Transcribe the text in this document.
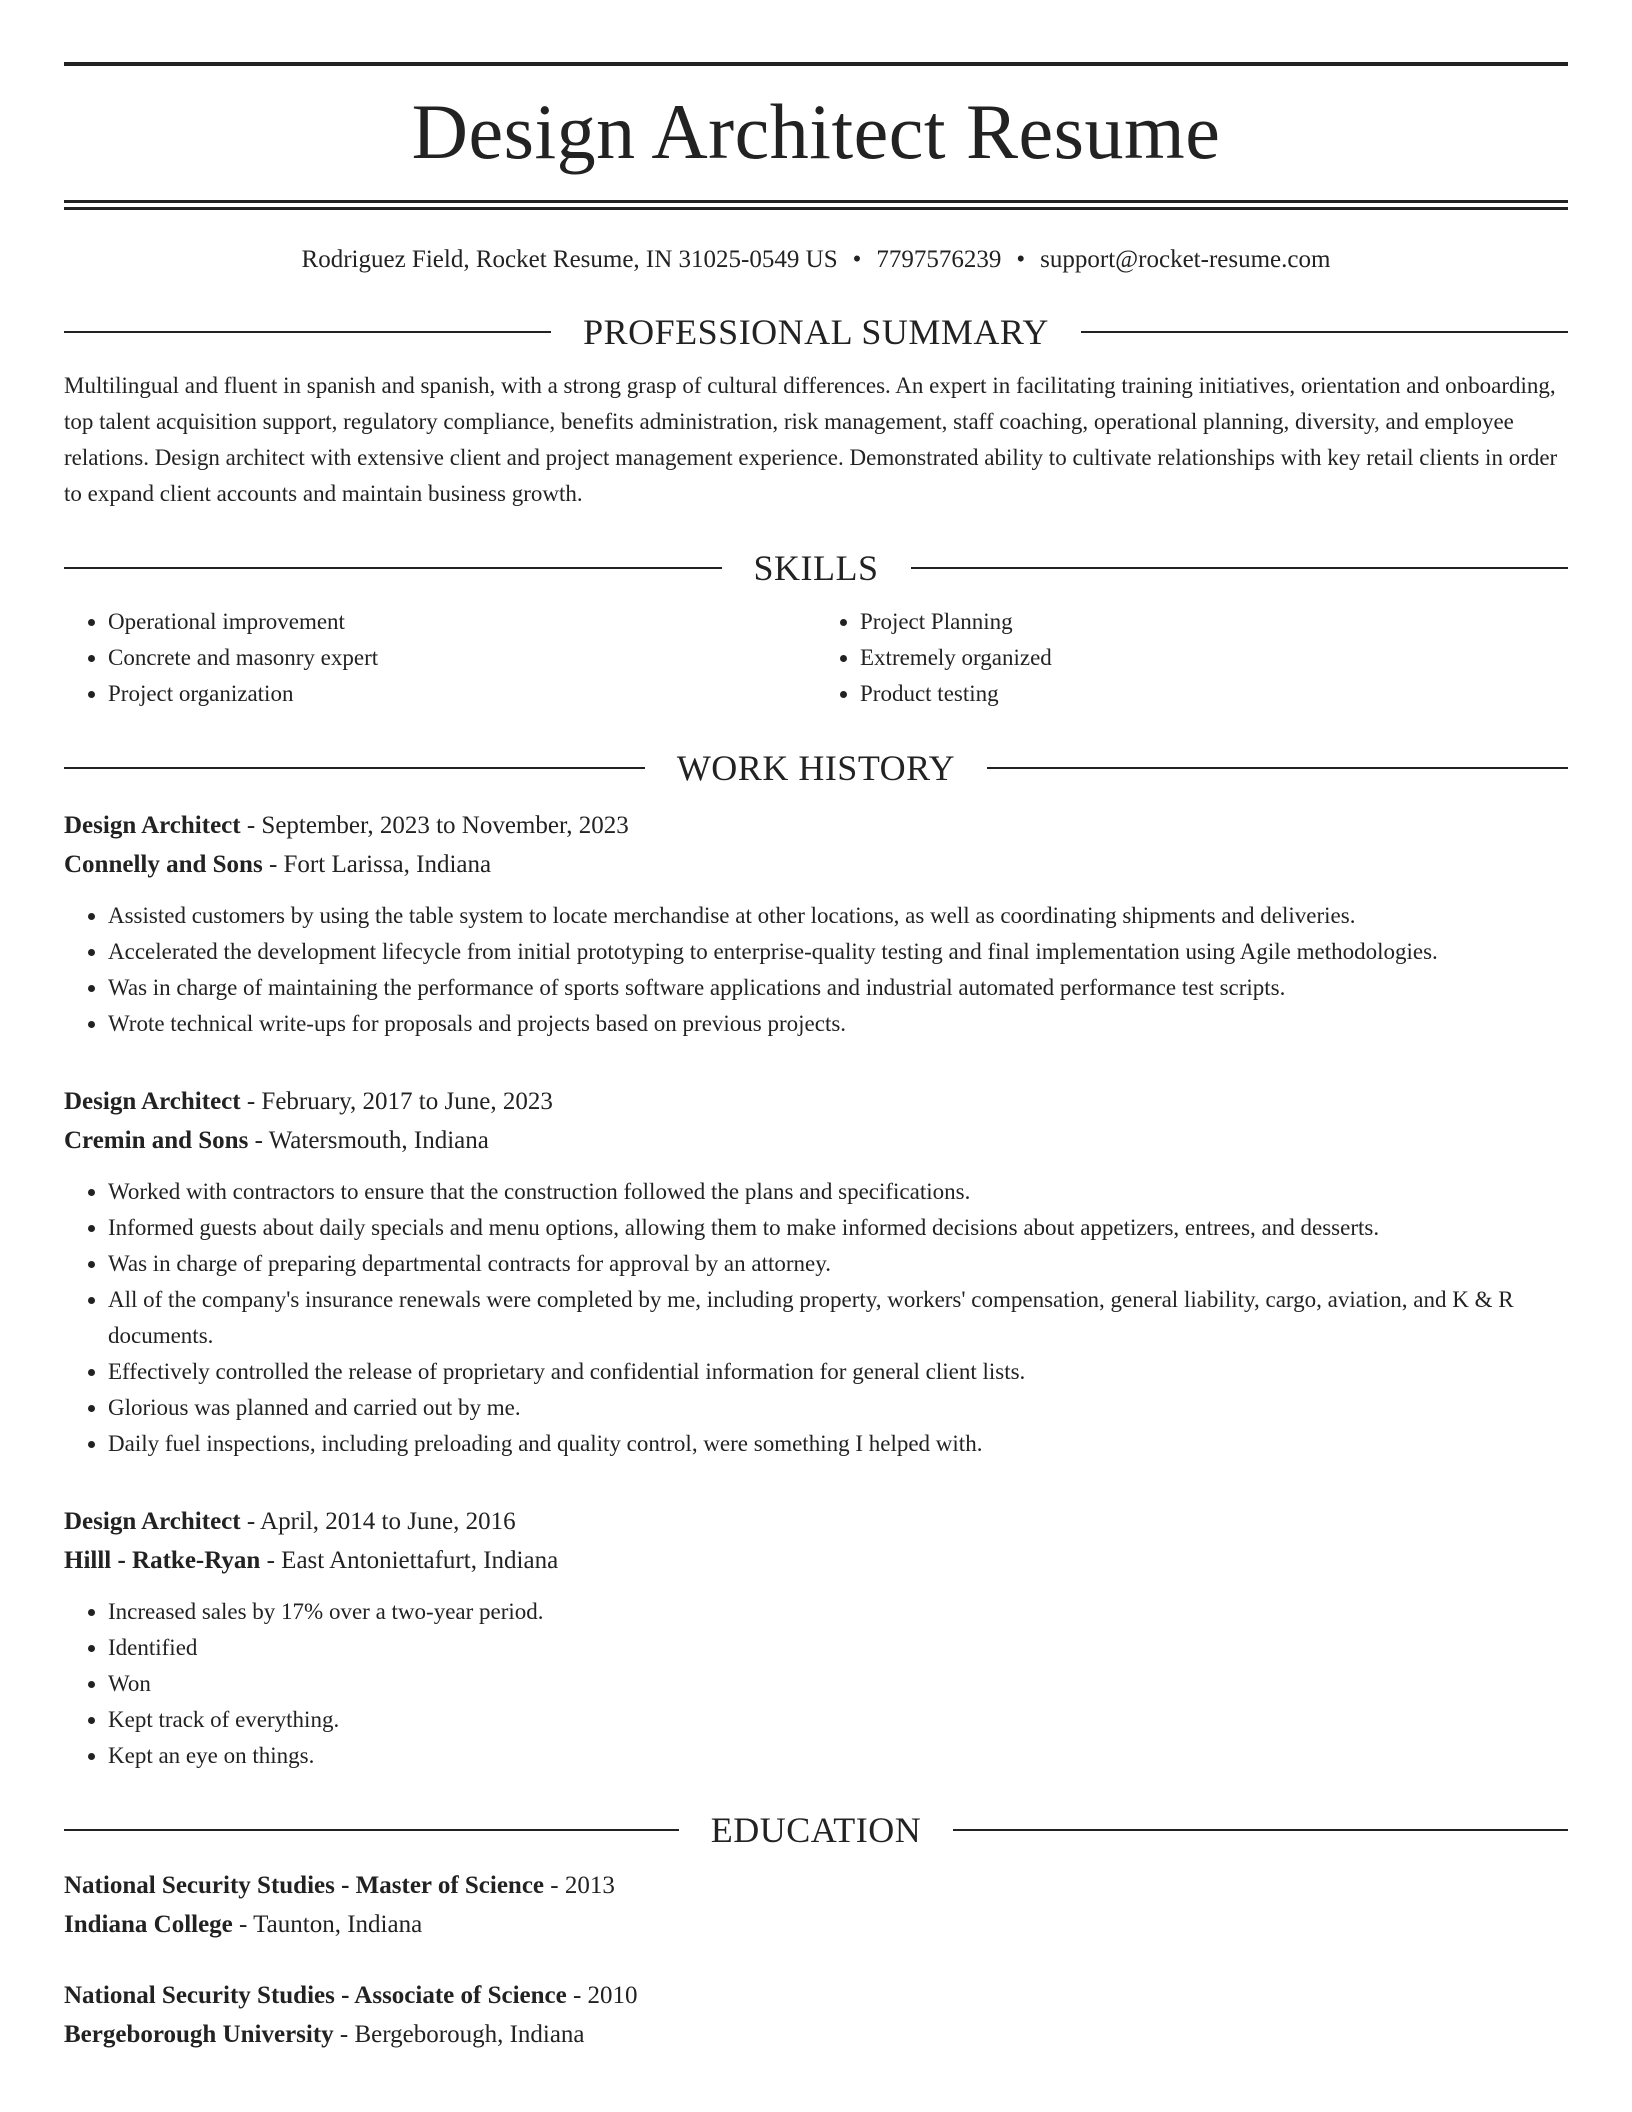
Design Architect Resume
Rodriguez Field, Rocket Resume, IN 31025-0549 US • 7797576239 • support@rocket-resume.com
PROFESSIONAL SUMMARY

Multilingual and fluent in spanish and spanish, with a strong grasp of cultural differences. An expert in facilitating training initiatives, orientation and onboarding, top talent acquisition support, regulatory compliance, benefits administration, risk management, staff coaching, operational planning, diversity, and employee relations. Design architect with extensive client and project management experience. Demonstrated ability to cultivate relationships with key retail clients in order to expand client accounts and maintain business growth.

SKILLS
• Operational improvement
• Concrete and masonry expert
• Project organization
• Project Planning
• Extremely organized
• Product testing
WORK HISTORY
Design Architect - September, 2023 to November, 2023
Connelly and Sons - Fort Larissa, Indiana
• Assisted customers by using the table system to locate merchandise at other locations, as well as coordinating shipments and deliveries.
• Accelerated the development lifecycle from initial prototyping to enterprise-quality testing and final implementation using Agile methodologies.
• Was in charge of maintaining the performance of sports software applications and industrial automated performance test scripts.
• Wrote technical write-ups for proposals and projects based on previous projects.
Design Architect - February, 2017 to June, 2023
Cremin and Sons - Watersmouth, Indiana
• Worked with contractors to ensure that the construction followed the plans and specifications.
• Informed guests about daily specials and menu options, allowing them to make informed decisions about appetizers, entrees, and desserts.
• Was in charge of preparing departmental contracts for approval by an attorney.
• All of the company's insurance renewals were completed by me, including property, workers' compensation, general liability, cargo, aviation, and K & R documents.
• Effectively controlled the release of proprietary and confidential information for general client lists.
• Glorious was planned and carried out by me.
• Daily fuel inspections, including preloading and quality control, were something I helped with.
Design Architect - April, 2014 to June, 2016
Hilll - Ratke-Ryan - East Antoniettafurt, Indiana
• Increased sales by 17% over a two-year period.
• Identified
• Won
• Kept track of everything.
• Kept an eye on things.
EDUCATION
National Security Studies - Master of Science - 2013
Indiana College - Taunton, Indiana
National Security Studies - Associate of Science - 2010
Bergeborough University - Bergeborough, Indiana
